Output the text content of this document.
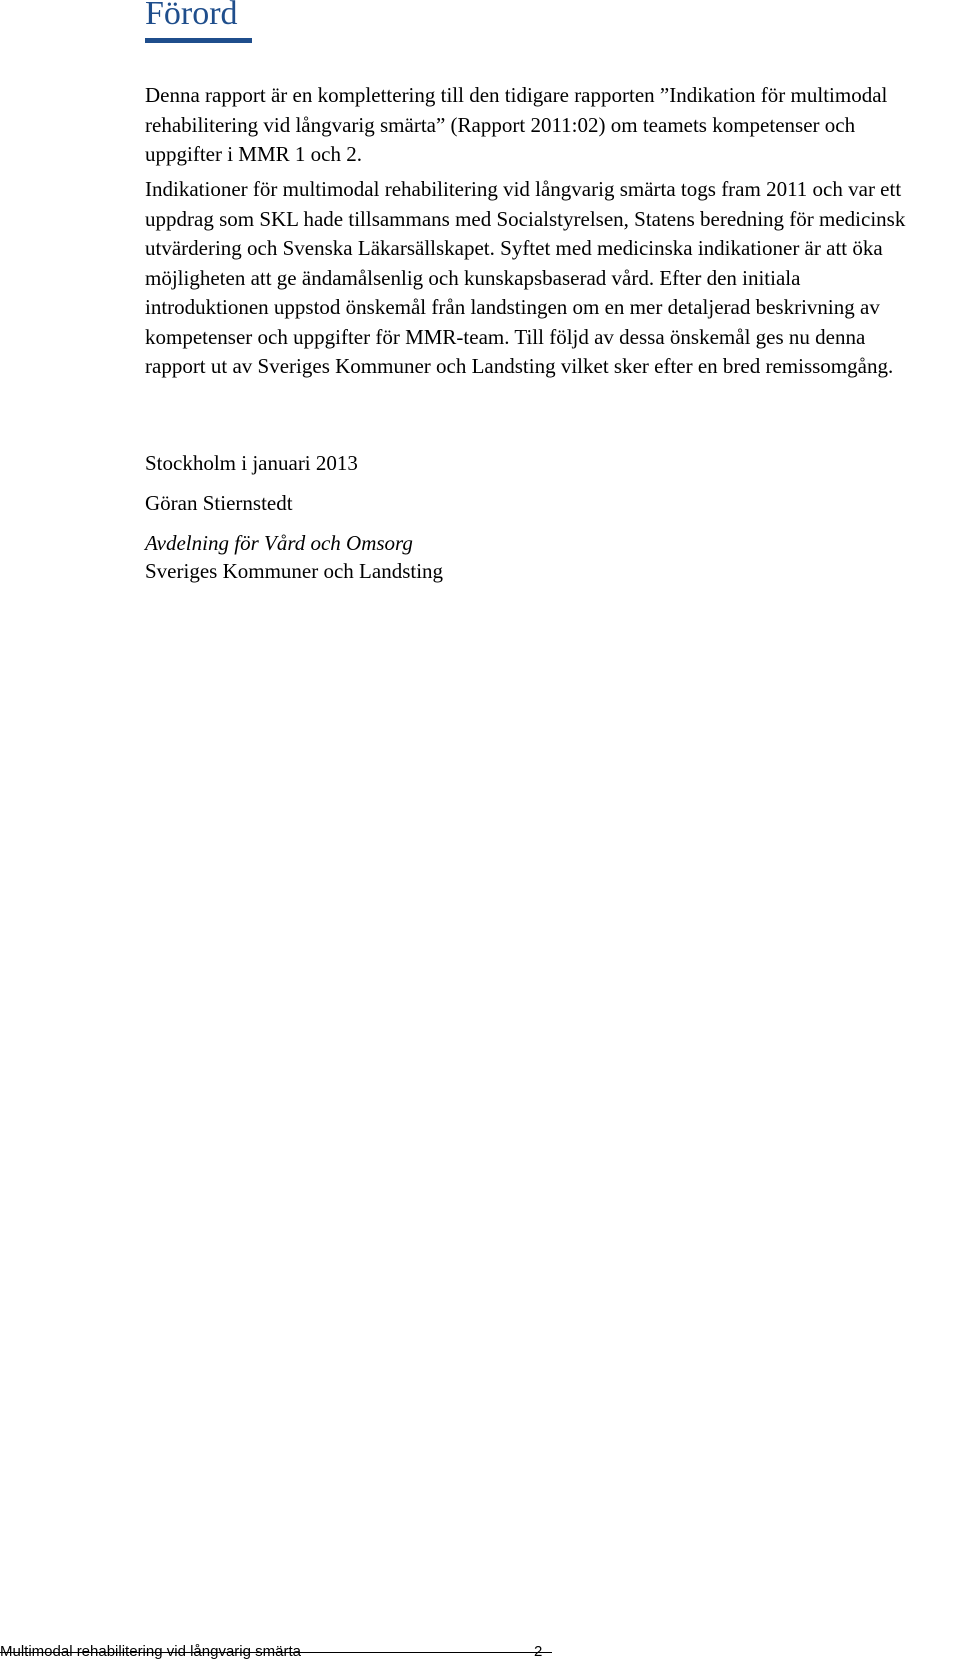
Förord

Denna rapport är en komplettering till den tidigare rapporten ”Indikation för multimodal rehabilitering vid långvarig smärta” (Rapport 2011:02) om teamets kompetenser och uppgifter i MMR 1 och 2.

Indikationer för multimodal rehabilitering vid långvarig smärta togs fram 2011 och var ett uppdrag som SKL hade tillsammans med Socialstyrelsen, Statens beredning för medicinsk utvärdering och Svenska Läkarsällskapet. Syftet med medicinska indikationer är att öka möjligheten att ge ändamålsenlig och kunskapsbaserad vård. Efter den initiala introduktionen uppstod önskemål från landstingen om en mer detaljerad beskrivning av kompetenser och uppgifter för MMR-team. Till följd av dessa önskemål ges nu denna rapport ut av Sveriges Kommuner och Landsting vilket sker efter en bred remissomgång.

Stockholm i januari 2013

Göran Stiernstedt

Avdelning för Vård och Omsorg

Sveriges Kommuner och Landsting

Multimodal rehabilitering vid långvarig smärta	2
